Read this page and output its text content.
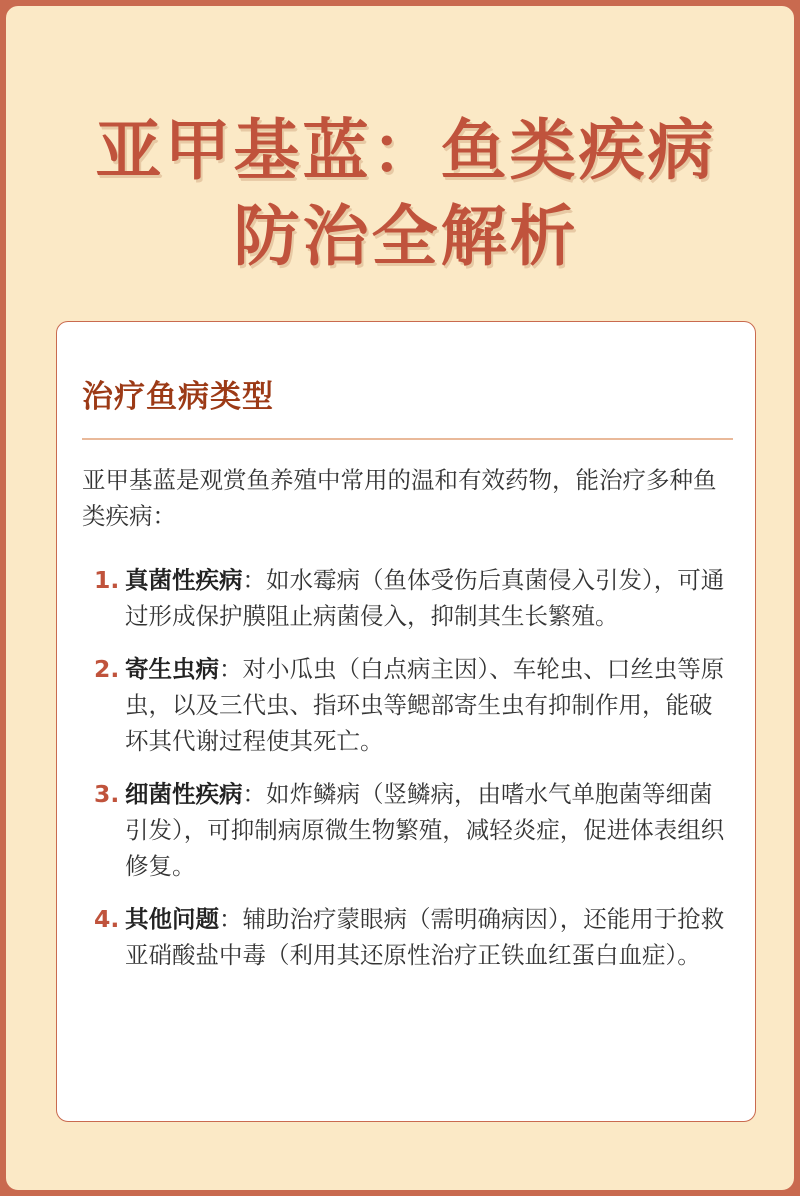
亚甲基蓝：鱼类疾病
防治全解析
治疗鱼病类型

亚甲基蓝是观赏鱼养殖中常用的温和有效药物，能治疗多种鱼类疾病：

1. 真菌性疾病：如水霉病（鱼体受伤后真菌侵入引发），可通过形成保护膜阻止病菌侵入，抑制其生长繁殖。
2. 寄生虫病：对小瓜虫（白点病主因）、车轮虫、口丝虫等原虫，以及三代虫、指环虫等鳃部寄生虫有抑制作用，能破坏其代谢过程使其死亡。
3. 细菌性疾病：如炸鳞病（竖鳞病，由嗜水气单胞菌等细菌引发），可抑制病原微生物繁殖，减轻炎症，促进体表组织修复。
4. 其他问题：辅助治疗蒙眼病（需明确病因），还能用于抢救亚硝酸盐中毒（利用其还原性治疗正铁血红蛋白血症）。
